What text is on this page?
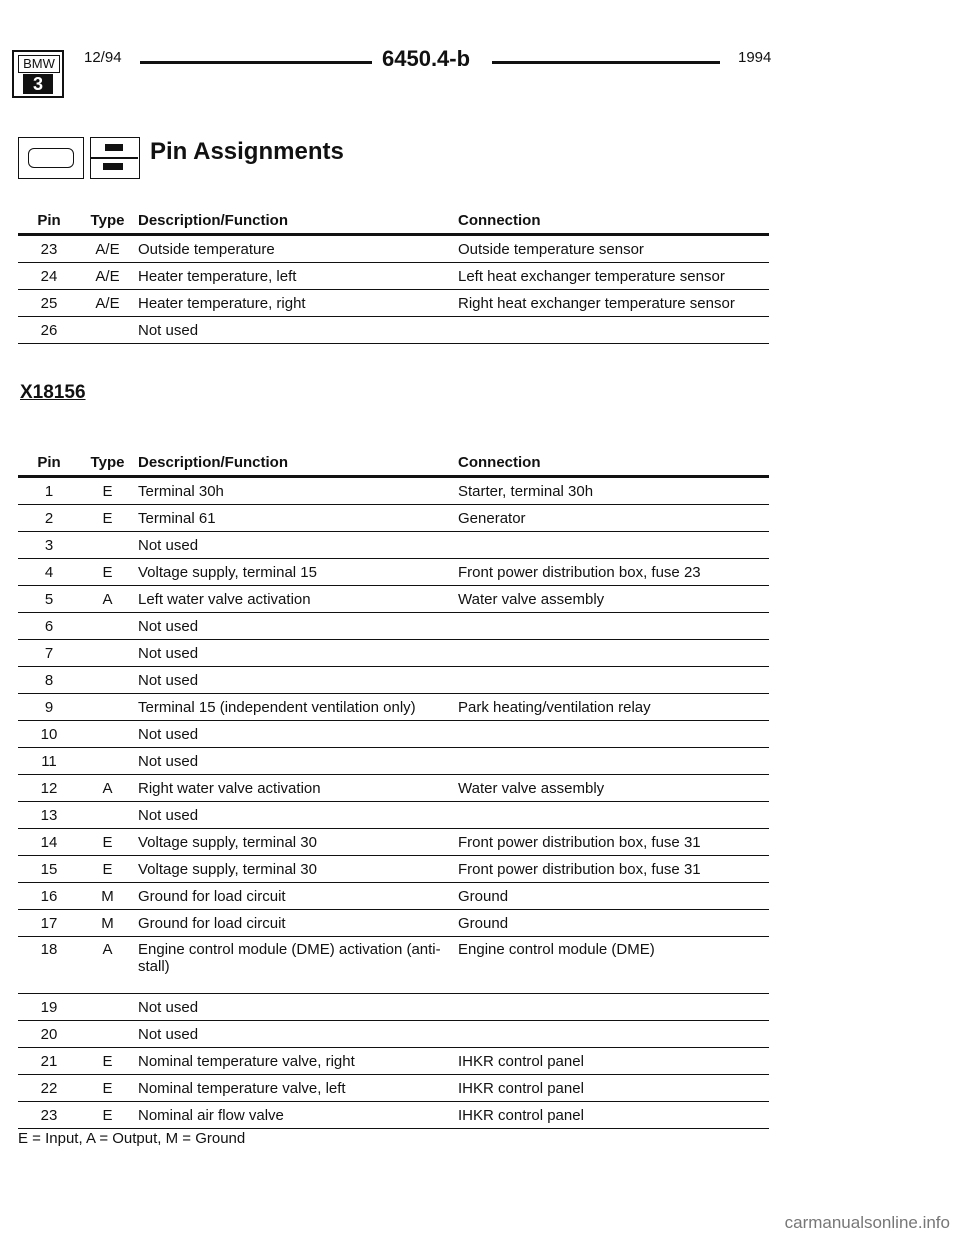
BMW
3
12/94	6450.4-b	1994
Pin Assignments
Pin	Type	Description/Function	Connection
23	A/E	Outside temperature	Outside temperature sensor
24	A/E	Heater temperature, left	Left heat exchanger temperature sensor
25	A/E	Heater temperature, right	Right heat exchanger temperature sensor
26		Not used	
X18156
Pin	Type	Description/Function	Connection
1	E	Terminal 30h	Starter, terminal 30h
2	E	Terminal 61	Generator
3		Not used	
4	E	Voltage supply, terminal 15	Front power distribution box, fuse 23
5	A	Left water valve activation	Water valve assembly
6		Not used	
7		Not used	
8		Not used	
9		Terminal 15 (independent ventilation only)	Park heating/ventilation relay
10		Not used	
11		Not used	
12	A	Right water valve activation	Water valve assembly
13		Not used	
14	E	Voltage supply, terminal 30	Front power distribution box, fuse 31
15	E	Voltage supply, terminal 30	Front power distribution box, fuse 31
16	M	Ground for load circuit	Ground
17	M	Ground for load circuit	Ground
18	A	Engine control module (DME) activation (anti-stall)	Engine control module (DME)
19		Not used	
20		Not used	
21	E	Nominal temperature valve, right	IHKR control panel
22	E	Nominal temperature valve, left	IHKR control panel
23	E	Nominal air flow valve	IHKR control panel
E = Input, A = Output, M = Ground
carmanualsonline.info
